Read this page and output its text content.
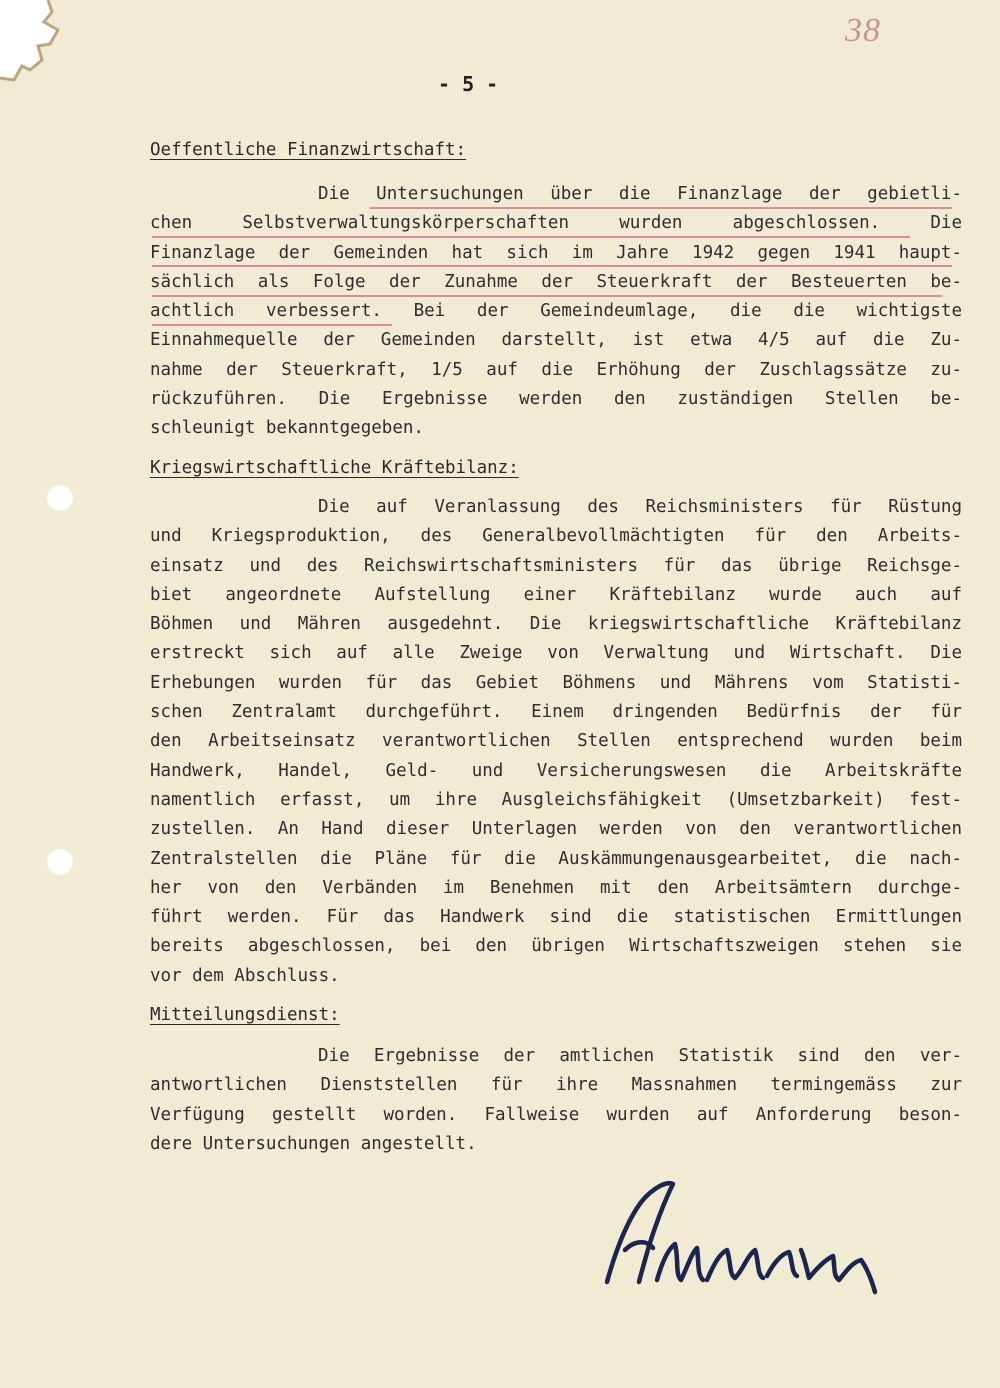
38
- 5 -
Oeffentliche Finanzwirtschaft:
Die Untersuchungen über die Finanzlage der gebietli-
chen Selbstverwaltungskörperschaften wurden abgeschlossen. Die
Finanzlage der Gemeinden hat sich im Jahre 1942 gegen 1941 haupt-
sächlich als Folge der Zunahme der Steuerkraft der Besteuerten be-
achtlich verbessert. Bei der Gemeindeumlage, die die wichtigste
Einnahmequelle der Gemeinden darstellt, ist etwa 4/5 auf die Zu-
nahme der Steuerkraft, 1/5 auf die Erhöhung der Zuschlagssätze zu-
rückzuführen. Die Ergebnisse werden den zuständigen Stellen be-
schleunigt bekanntgegeben.
Kriegswirtschaftliche Kräftebilanz:
Die auf Veranlassung des Reichsministers für Rüstung
und Kriegsproduktion, des Generalbevollmächtigten für den Arbeits-
einsatz und des Reichswirtschaftsministers für das übrige Reichsge-
biet angeordnete Aufstellung einer Kräftebilanz wurde auch auf
Böhmen und Mähren ausgedehnt. Die kriegswirtschaftliche Kräftebilanz
erstreckt sich auf alle Zweige von Verwaltung und Wirtschaft. Die
Erhebungen wurden für das Gebiet Böhmens und Mährens vom Statisti-
schen Zentralamt durchgeführt. Einem dringenden Bedürfnis der für
den Arbeitseinsatz verantwortlichen Stellen entsprechend wurden beim
Handwerk, Handel, Geld- und Versicherungswesen die Arbeitskräfte
namentlich erfasst, um ihre Ausgleichsfähigkeit (Umsetzbarkeit) fest-
zustellen. An Hand dieser Unterlagen werden von den verantwortlichen
Zentralstellen die Pläne für die Auskämmungenausgearbeitet, die nach-
her von den Verbänden im Benehmen mit den Arbeitsämtern durchge-
führt werden. Für das Handwerk sind die statistischen Ermittlungen
bereits abgeschlossen, bei den übrigen Wirtschaftszweigen stehen sie
vor dem Abschluss.
Mitteilungsdienst:
Die Ergebnisse der amtlichen Statistik sind den ver-
antwortlichen Dienststellen für ihre Massnahmen termingemäss zur
Verfügung gestellt worden. Fallweise wurden auf Anforderung beson-
dere Untersuchungen angestellt.
